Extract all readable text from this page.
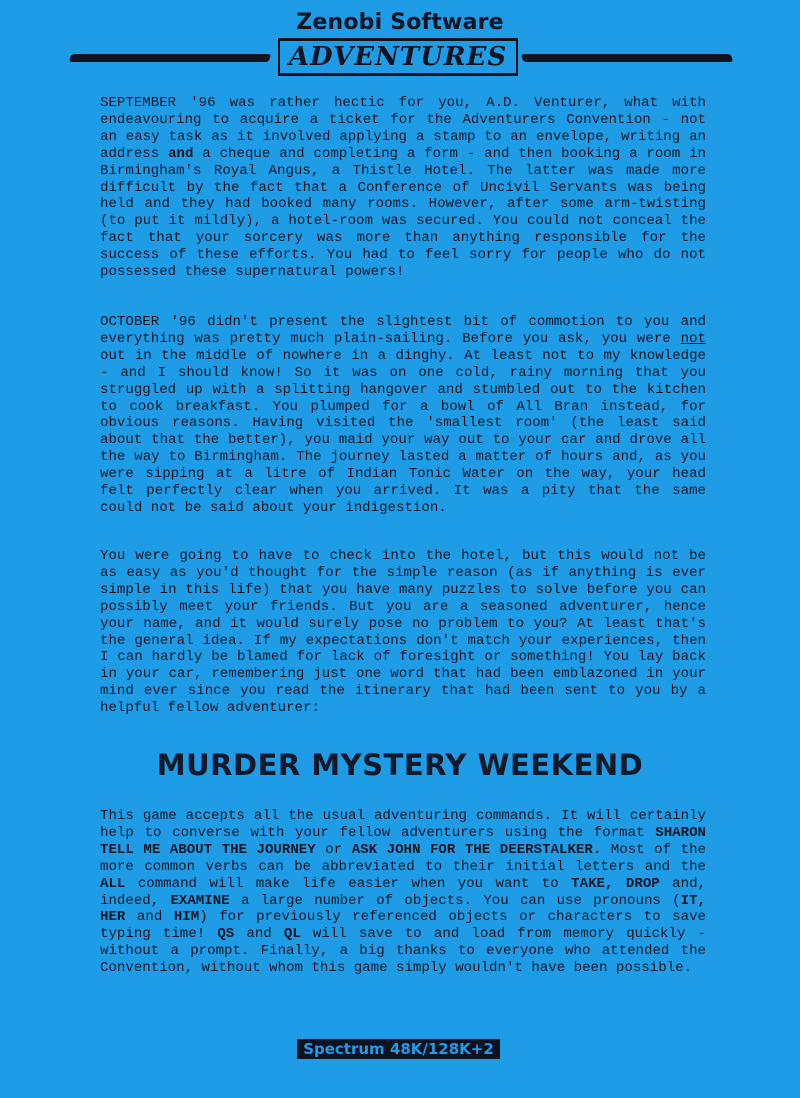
Zenobi Software
ADVENTURES

SEPTEMBER '96 was rather hectic for you, A.D. Venturer, what with endeavouring to acquire a ticket for the Adventurers Convention - not an easy task as it involved applying a stamp to an envelope, writing an address and a cheque and completing a form - and then booking a room in Birmingham's Royal Angus, a Thistle Hotel. The latter was made more difficult by the fact that a Conference of Uncivil Servants was being held and they had booked many rooms. However, after some arm-twisting (to put it mildly), a hotel-room was secured. You could not conceal the fact that your sorcery was more than anything responsible for the success of these efforts. You had to feel sorry for people who do not possessed these supernatural powers!

OCTOBER '96 didn't present the slightest bit of commotion to you and everything was pretty much plain-sailing. Before you ask, you were not out in the middle of nowhere in a dinghy. At least not to my knowledge - and I should know! So it was on one cold, rainy morning that you struggled up with a splitting hangover and stumbled out to the kitchen to cook breakfast. You plumped for a bowl of All Bran instead, for obvious reasons. Having visited the 'smallest room' (the least said about that the better), you maid your way out to your car and drove all the way to Birmingham. The journey lasted a matter of hours and, as you were sipping at a litre of Indian Tonic Water on the way, your head felt perfectly clear when you arrived. It was a pity that the same could not be said about your indigestion.

You were going to have to check into the hotel, but this would not be as easy as you'd thought for the simple reason (as if anything is ever simple in this life) that you have many puzzles to solve before you can possibly meet your friends. But you are a seasoned adventurer, hence your name, and it would surely pose no problem to you? At least that's the general idea. If my expectations don't match your experiences, then I can hardly be blamed for lack of foresight or something! You lay back in your car, remembering just one word that had been emblazoned in your mind ever since you read the itinerary that had been sent to you by a helpful fellow adventurer:

MURDER MYSTERY WEEKEND

This game accepts all the usual adventuring commands. It will certainly help to converse with your fellow adventurers using the format SHARON TELL ME ABOUT THE JOURNEY or ASK JOHN FOR THE DEERSTALKER. Most of the more common verbs can be abbreviated to their initial letters and the ALL command will make life easier when you want to TAKE, DROP and, indeed, EXAMINE a large number of objects. You can use pronouns (IT, HER and HIM) for previously referenced objects or characters to save typing time! QS and QL will save to and load from memory quickly - without a prompt. Finally, a big thanks to everyone who attended the Convention, without whom this game simply wouldn't have been possible.

Spectrum 48K/128K+2
